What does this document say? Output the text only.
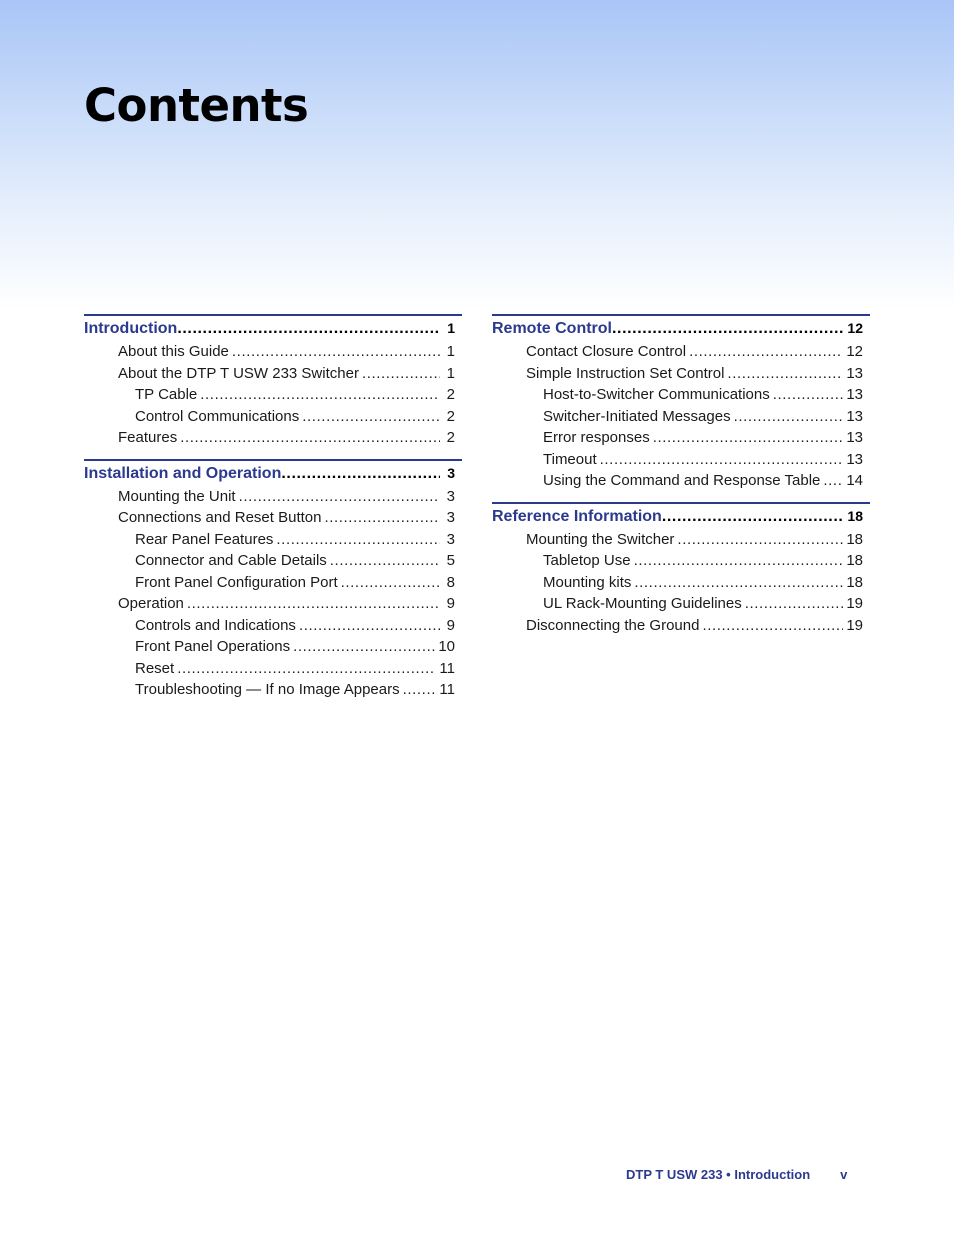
Contents
Introduction .....	1
About this Guide .....	1
About the DTP T USW 233 Switcher .....	1
TP Cable .....	2
Control Communications .....	2
Features .....	2
Installation and Operation .....	3
Mounting the Unit .....	3
Connections and Reset Button .....	3
Rear Panel Features .....	3
Connector and Cable Details .....	5
Front Panel Configuration Port .....	8
Operation .....	9
Controls and Indications .....	9
Front Panel Operations .....	10
Reset .....	11
Troubleshooting — If no Image Appears .....	11
Remote Control .....	12
Contact Closure Control .....	12
Simple Instruction Set Control .....	13
Host-to-Switcher Communications .....	13
Switcher-Initiated Messages .....	13
Error responses .....	13
Timeout .....	13
Using the Command and Response Table ..... 14
Reference Information .....	18
Mounting the Switcher .....	18
Tabletop Use .....	18
Mounting kits .....	18
UL Rack-Mounting Guidelines .....	19
Disconnecting the Ground .....	19
DTP T USW 233 • Introduction v
